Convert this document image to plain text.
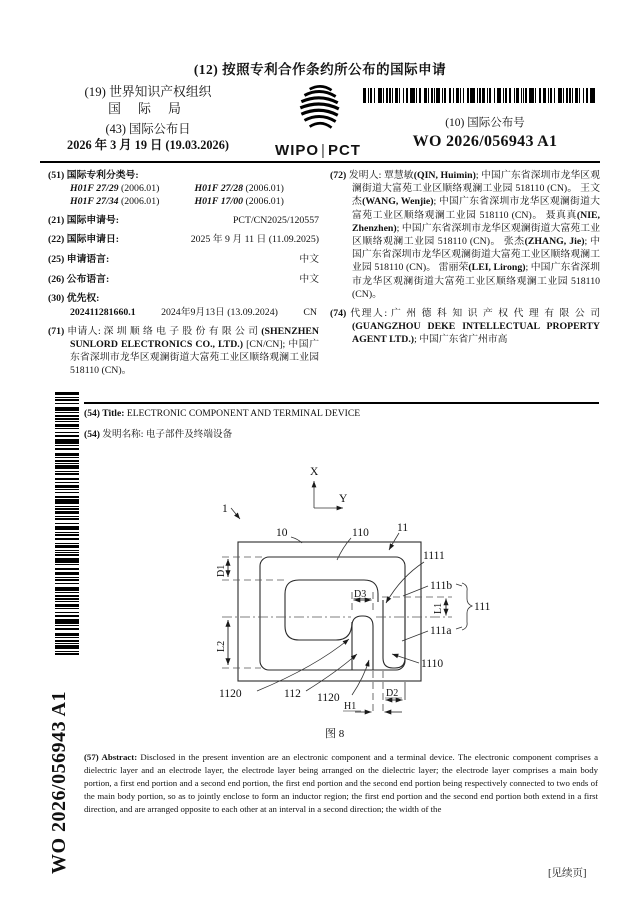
(12) 按照专利合作条约所公布的国际申请
(19) 世界知识产权组织
国 际 局
(43) 国际公布日
2026 年 3 月 19 日 (19.03.2026)	WIPO | PCT
(10) 国际公布号
WO 2026/056943 A1
(51) 国际专利分类号:
H01F 27/29 (2006.01)	H01F 27/28 (2006.01)
H01F 27/34 (2006.01)	H01F 17/00 (2006.01)
(21) 国际申请号:	PCT/CN2025/120557
(22) 国际申请日:	2025 年 9 月 11 日 (11.09.2025)
(25) 申请语言:	中文
(26) 公布语言:	中文
(30) 优先权:
202411281660.1	2024年9月13日 (13.09.2024)	CN
(71) 申请人: 深 圳 顺 络 电 子 股 份 有 限 公 司 (SHENZHEN SUNLORD ELECTRONICS CO., LTD.) [CN/CN]; 中国广东省深圳市龙华区观澜街道大富苑工业区顺络观澜工业园 518110 (CN)。
(72) 发明人: 覃慧敏(QIN, Huimin); 中国广东省深圳市龙华区观澜街道大富苑工业区顺络观澜工业园 518110 (CN)。 王文杰(WANG, Wenjie); 中国广东省深圳市龙华区观澜街道大富苑工业区顺络观澜工业园 518110 (CN)。 聂真真(NIE, Zhenzhen); 中国广东省深圳市龙华区观澜街道大富苑工业区顺络观澜工业园 518110 (CN)。 张杰(ZHANG, Jie); 中国广东省深圳市龙华区观澜街道大富苑工业区顺络观澜工业园 518110 (CN)。 雷丽荣(LEI, Lirong); 中国广东省深圳市龙华区观澜街道大富苑工业区顺络观澜工业园 518110 (CN)。
(74) 代理人: 广 州 德 科 知 识 产 权 代 理 有 限 公 司 (GUANGZHOU DEKE INTELLECTUAL PROPERTY AGENT LTD.); 中国广东省广州市高
(54) Title: ELECTRONIC COMPONENT AND TERMINAL DEVICE
(54) 发明名称: 电子部件及终端设备
1
10	110 11
1111
111b
111
111a
1110
1120	112 1120
X
Y
D1
L2
D3
L1
H1
D2
图 8
(57) Abstract: Disclosed in the present invention are an electronic component and a terminal device. The electronic component comprises a dielectric layer and an electrode layer, the electrode layer being arranged on the dielectric layer; the electrode layer comprises a main body portion, a first end portion and a second end portion, the first end portion and the second end portion being respectively connected to two ends of the main body portion, so as to jointly enclose to form an inductor region; the first end portion and the second end portion both extend in a first direction, and are arranged opposite to each other at an interval in a second direction; the width of the
WO 2026/056943 A1	[见续页]
